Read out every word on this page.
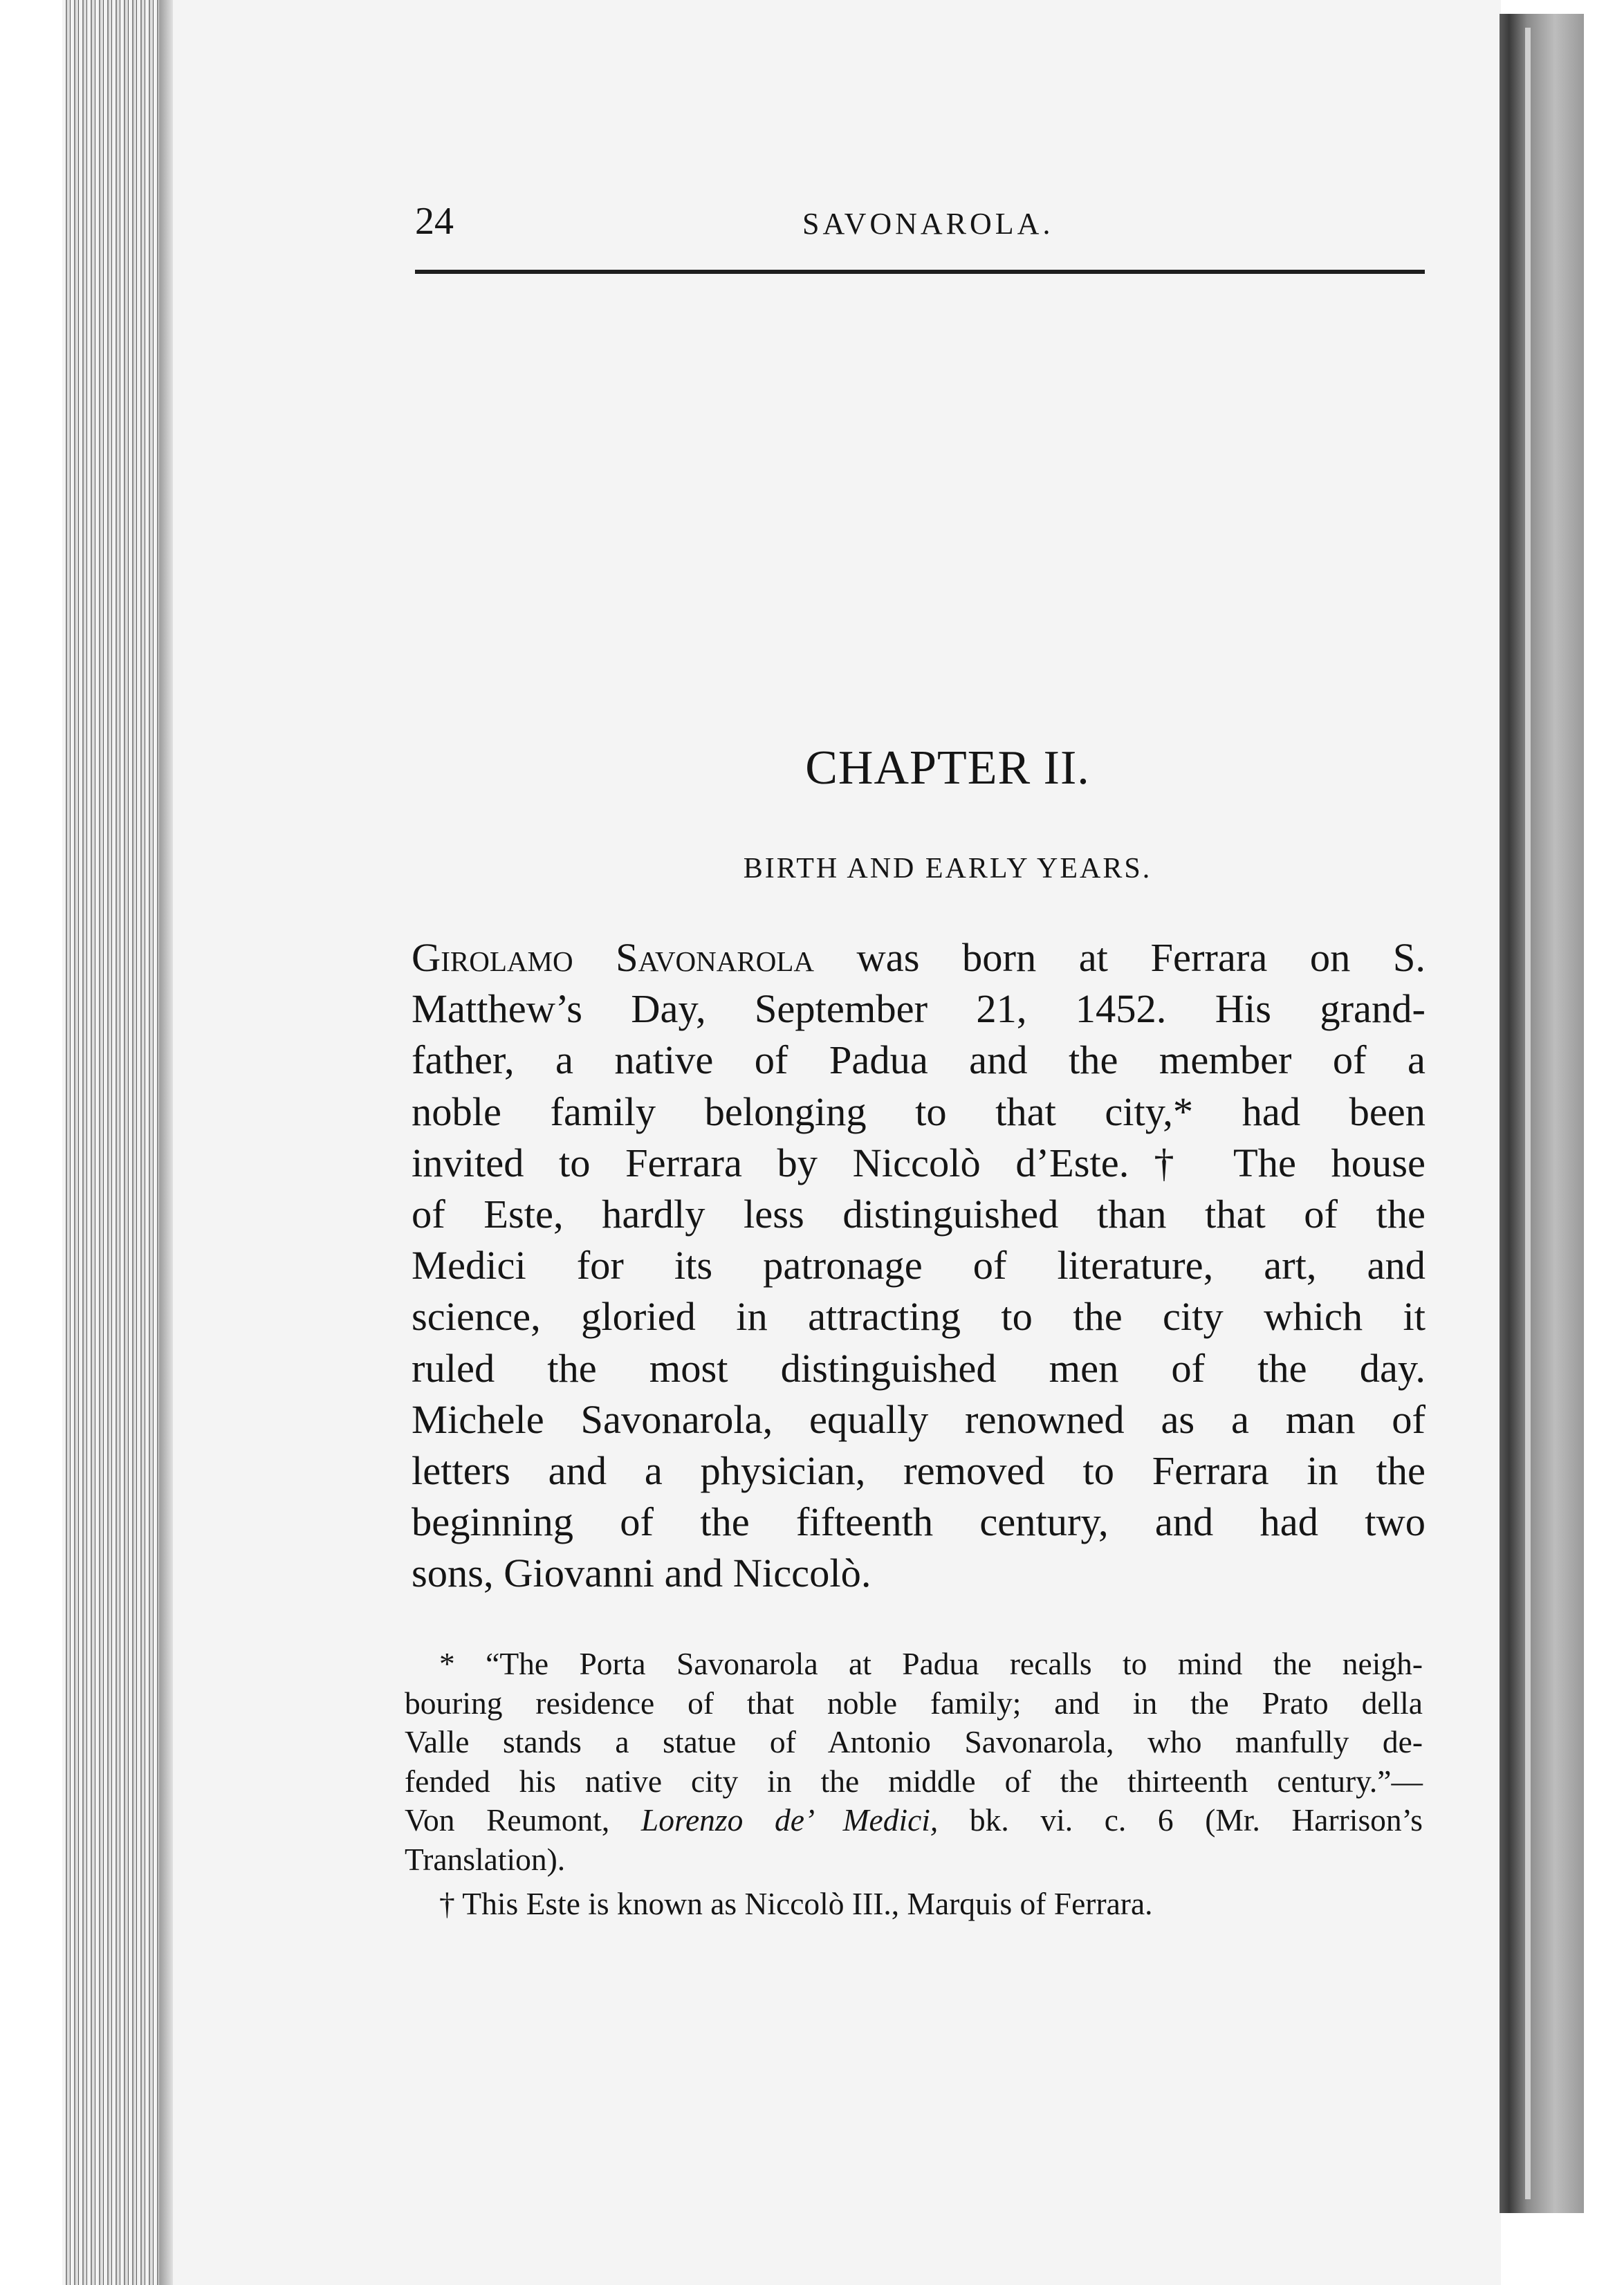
24	SAVONAROLA.
CHAPTER II.
BIRTH AND EARLY YEARS.
Girolamo Savonarola was born at Ferrara on S.
Matthew’s Day, September 21, 1452. His grand-
father, a native of Padua and the member of a
noble family belonging to that city,* had been
invited to Ferrara by Niccolò d’Este.† The house
of Este, hardly less distinguished than that of the
Medici for its patronage of literature, art, and
science, gloried in attracting to the city which it
ruled the most distinguished men of the day.
Michele Savonarola, equally renowned as a man of
letters and a physician, removed to Ferrara in the
beginning of the fifteenth century, and had two
sons, Giovanni and Niccolò.
* “The Porta Savonarola at Padua recalls to mind the neigh-
bouring residence of that noble family; and in the Prato della
Valle stands a statue of Antonio Savonarola, who manfully de-
fended his native city in the middle of the thirteenth century.”—
Von Reumont, Lorenzo de’ Medici, bk. vi. c. 6 (Mr. Harrison’s
Translation).
† This Este is known as Niccolò III., Marquis of Ferrara.
